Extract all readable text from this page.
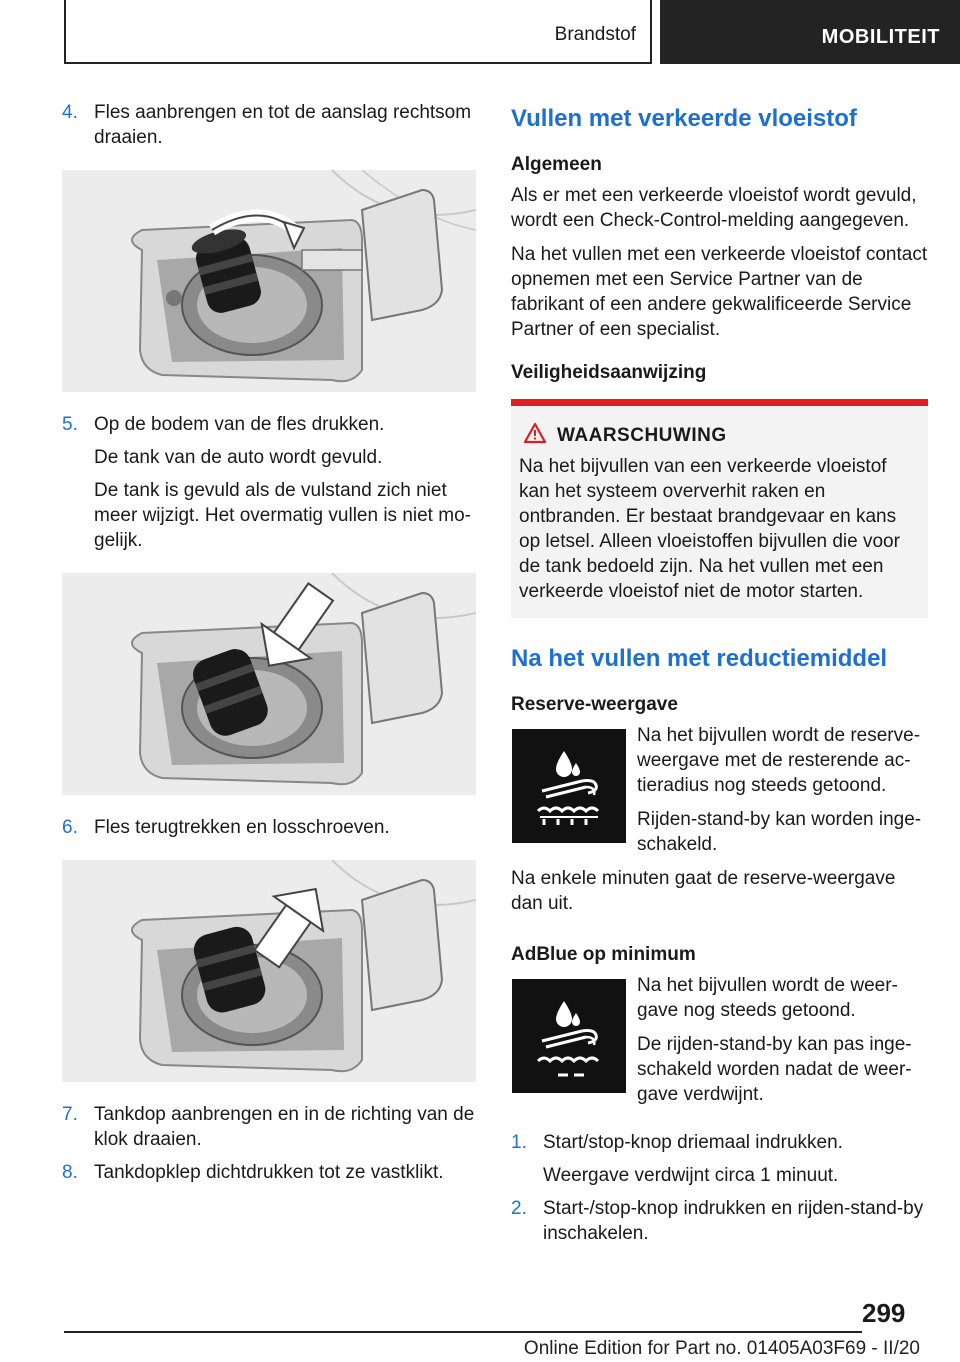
Brandstof	MOBILITEIT
4. Fles aanbrengen en tot de aanslag rechtsom draaien.

5. Op de bodem van de fles drukken.

De tank van de auto wordt gevuld.

De tank is gevuld als de vulstand zich niet meer wijzigt. Het overmatig vullen is niet mogelijk.

6. Fles terugtrekken en losschroeven.

7. Tankdop aanbrengen en in de richting van de klok draaien.

8. Tankdopklep dichtdrukken tot ze vastklikt.

Vullen met verkeerde vloeistof
Algemeen

Als er met een verkeerde vloeistof wordt gevuld, wordt een Check-Control-melding aangegeven.

Na het vullen met een verkeerde vloeistof contact opnemen met een Service Partner van de fabrikant of een andere gekwalificeerde Service Partner of een specialist.

Veiligheidsaanwijzing
WAARSCHUWING
Na het bijvullen van een verkeerde vloeistof kan het systeem oververhit raken en ontbranden. Er bestaat brandgevaar en kans op letsel. Alleen vloeistoffen bijvullen die voor de tank bedoeld zijn. Na het vullen met een verkeerde vloeistof niet de motor starten.
Na het vullen met reductiemiddel
Reserve-weergave

Na het bijvullen wordt de reserveweergave met de resterende actieradius nog steeds getoond.

Rijden-stand-by kan worden ingeschakeld.

Na enkele minuten gaat de reserve-weergave dan uit.

AdBlue op minimum

Na het bijvullen wordt de weergave nog steeds getoond.

De rijden-stand-by kan pas ingeschakeld worden nadat de weergave verdwijnt.

1. Start/stop-knop driemaal indrukken.

Weergave verdwijnt circa 1 minuut.

2. Start-/stop-knop indrukken en rijden-stand-by inschakelen.

299
Online Edition for Part no. 01405A03F69 - II/20
